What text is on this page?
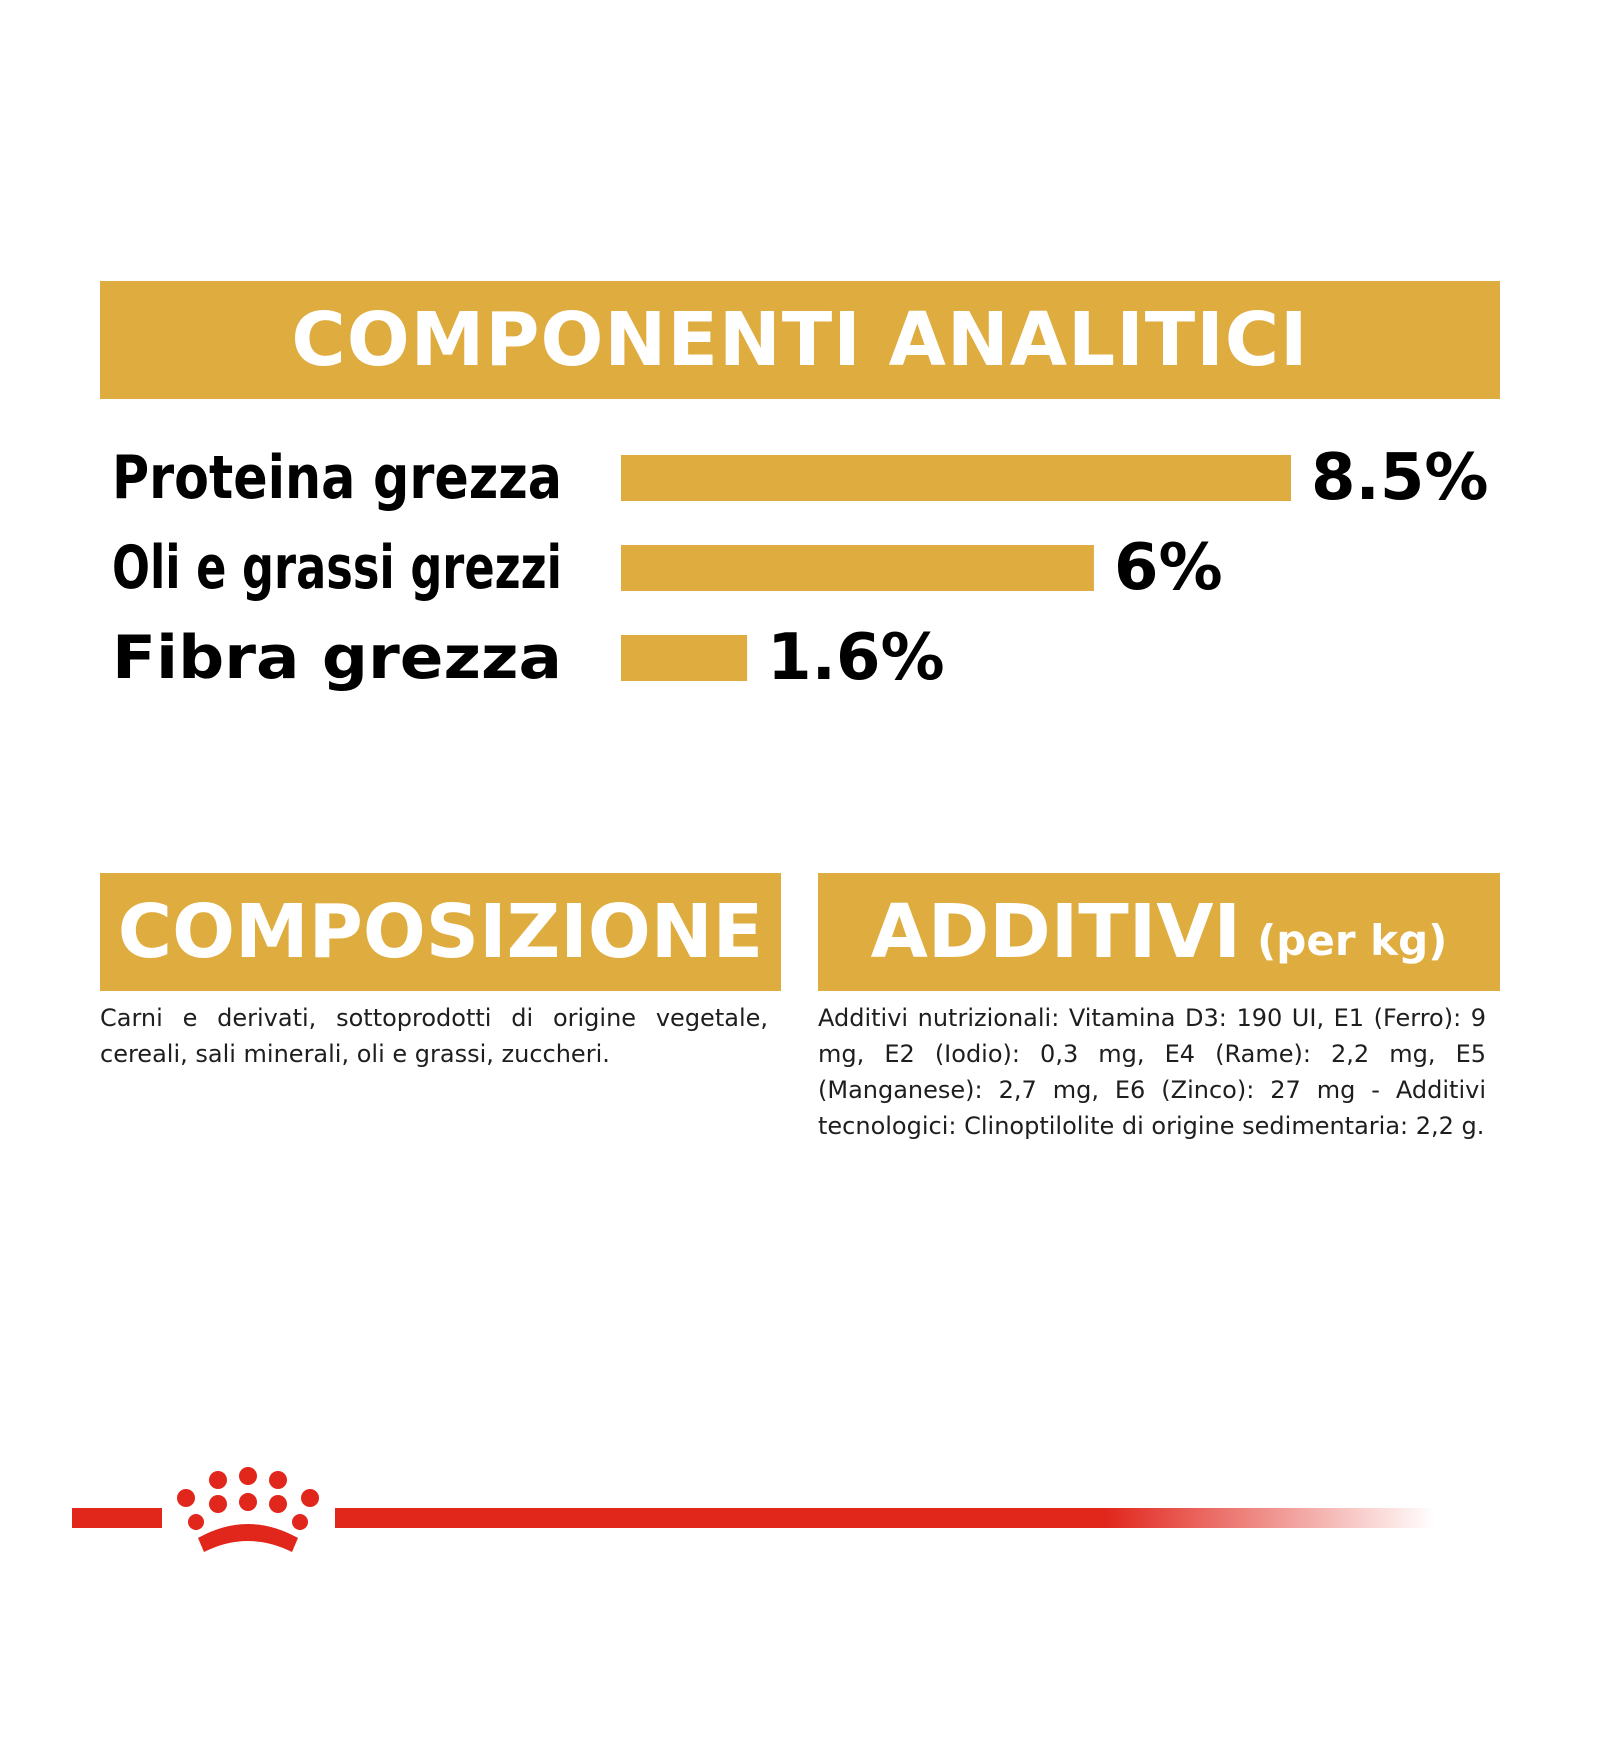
COMPONENTI ANALITICI
Proteina grezza	8.5%
Oli e grassi grezzi	6%
Fibra grezza	1.6%
COMPOSIZIONE

Carni e derivati, sottoprodotti di origine vegetale, cereali, sali minerali, oli e grassi, zuccheri.

ADDITIVI (per kg)

Additivi nutrizionali: Vitamina D3: 190 UI, E1 (Ferro): 9 mg, E2 (Iodio): 0,3 mg, E4 (Rame): 2,2 mg, E5 (Manganese): 2,7 mg, E6 (Zinco): 27 mg - Additivi tecnologici: Clinoptilolite di origine sedimentaria: 2,2 g.
